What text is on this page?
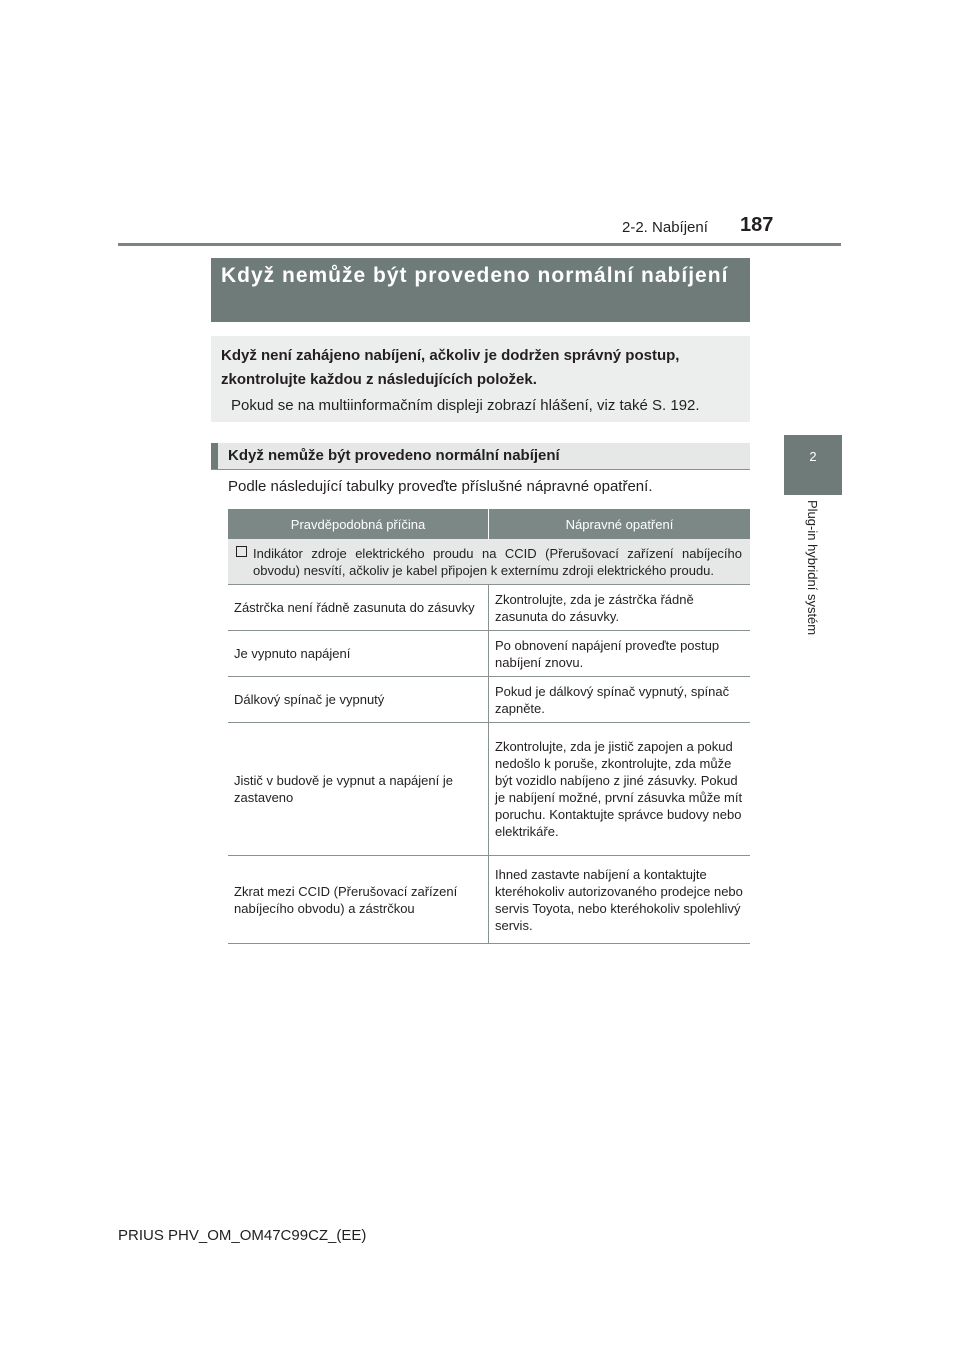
2-2. Nabíjení 187
2
Plug-in hybridní systém
Když nemůže být provedeno normální nabíjení
Když není zahájeno nabíjení, ačkoliv je dodržen správný postup, zkontrolujte každou z následujících položek.
Pokud se na multiinformačním displeji zobrazí hlášení, viz také S. 192.
Když nemůže být provedeno normální nabíjení
Podle následující tabulky proveďte příslušné nápravné opatření.
Pravděpodobná příčina	Nápravné opatření

Indikátor zdroje elektrického proudu na CCID (Přerušovací zařízení nabíjecího obvodu) nesvítí, ačkoliv je kabel připojen k externímu zdroji elektrického proudu.	

Zástrčka není řádně zasunuta do zásuvky	Zkontrolujte, zda je zástrčka řádně zasunuta do zásuvky.
Je vypnuto napájení	Po obnovení napájení proveďte postup nabíjení znovu.
Dálkový spínač je vypnutý	Pokud je dálkový spínač vypnutý, spínač zapněte.
Jistič v budově je vypnut a napájení je zastaveno	Zkontrolujte, zda je jistič zapojen a pokud nedošlo k poruše, zkontrolujte, zda může být vozidlo nabíjeno z jiné zásuvky. Pokud je nabíjení možné, první zásuvka může mít poruchu. Kontaktujte správce budovy nebo elektrikáře.
Zkrat mezi CCID (Přerušovací zařízení nabíjecího obvodu) a zástrčkou	Ihned zastavte nabíjení a kontaktujte kteréhokoliv autorizovaného prodejce nebo servis Toyota, nebo kteréhokoliv spolehlivý servis.
PRIUS PHV_OM_OM47C99CZ_(EE)
